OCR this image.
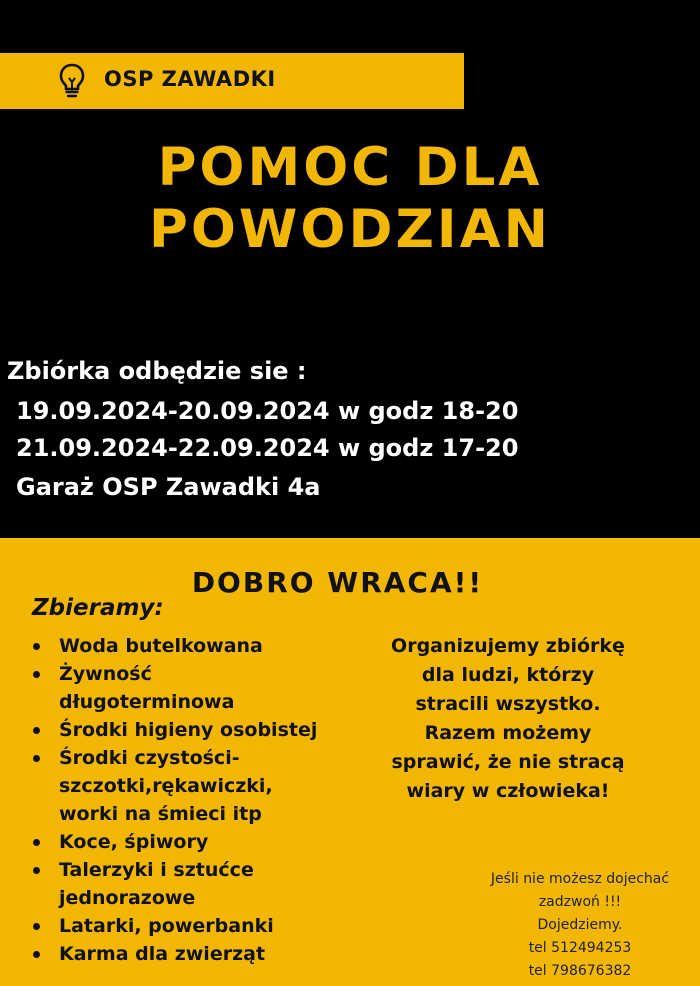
OSP ZAWADKI
POMOC DLA
POWODZIAN
Zbiórka odbędzie sie :
19.09.2024-20.09.2024 w godz 18-20
21.09.2024-22.09.2024 w godz 17-20
Garaż OSP Zawadki 4a
DOBRO WRACA!!
Zbieramy:
Woda butelkowana
Żywność
długoterminowa
Środki higieny osobistej
Środki czystości-
szczotki,rękawiczki,
worki na śmieci itp
Koce, śpiwory
Talerzyki i sztućce
jednorazowe
Latarki, powerbanki
Karma dla zwierząt
Organizujemy zbiórkę
dla ludzi, którzy
stracili wszystko.
Razem możemy
sprawić, że nie stracą
wiary w człowieka!
Jeśli nie możesz dojechać
zadzwoń !!!
Dojedziemy.
tel 512494253
tel 798676382
